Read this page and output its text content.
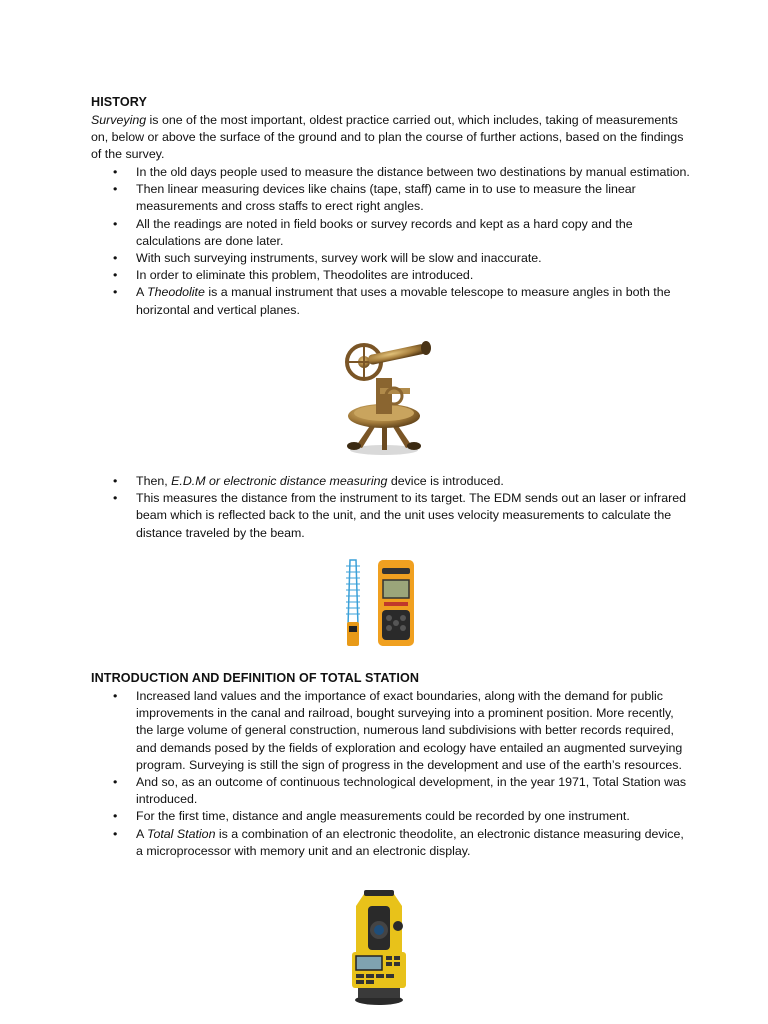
HISTORY
Surveying is one of the most important, oldest practice carried out, which includes, taking of measurements on, below or above the surface of the ground and to plan the course of further actions, based on the findings of the survey.
• In the old days people used to measure the distance between two destinations by manual estimation.
• Then linear measuring devices like chains (tape, staff) came in to use to measure the linear measurements and cross staffs to erect right angles.
• All the readings are noted in field books or survey records and kept as a hard copy and the calculations are done later.
• With such surveying instruments, survey work will be slow and inaccurate.
• In order to eliminate this problem, Theodolites are introduced.
• A Theodolite is a manual instrument that uses a movable telescope to measure angles in both the horizontal and vertical planes.
• Then, E.D.M or electronic distance measuring device is introduced.
• This measures the distance from the instrument to its target. The EDM sends out an laser or infrared beam which is reflected back to the unit, and the unit uses velocity measurements to calculate the distance traveled by the beam.
INTRODUCTION AND DEFINITION OF TOTAL STATION
• Increased land values and the importance of exact boundaries, along with the demand for public improvements in the canal and railroad, bought surveying into a prominent position. More recently, the large volume of general construction, numerous land subdivisions with better records required, and demands posed by the fields of exploration and ecology have entailed an augmented surveying program. Surveying is still the sign of progress in the development and use of the earth’s resources.
• And so, as an outcome of continuous technological development, in the year 1971, Total Station was introduced.
• For the first time, distance and angle measurements could be recorded by one instrument.
• A Total Station is a combination of an electronic theodolite, an electronic distance measuring device, a microprocessor with memory unit and an electronic display.
